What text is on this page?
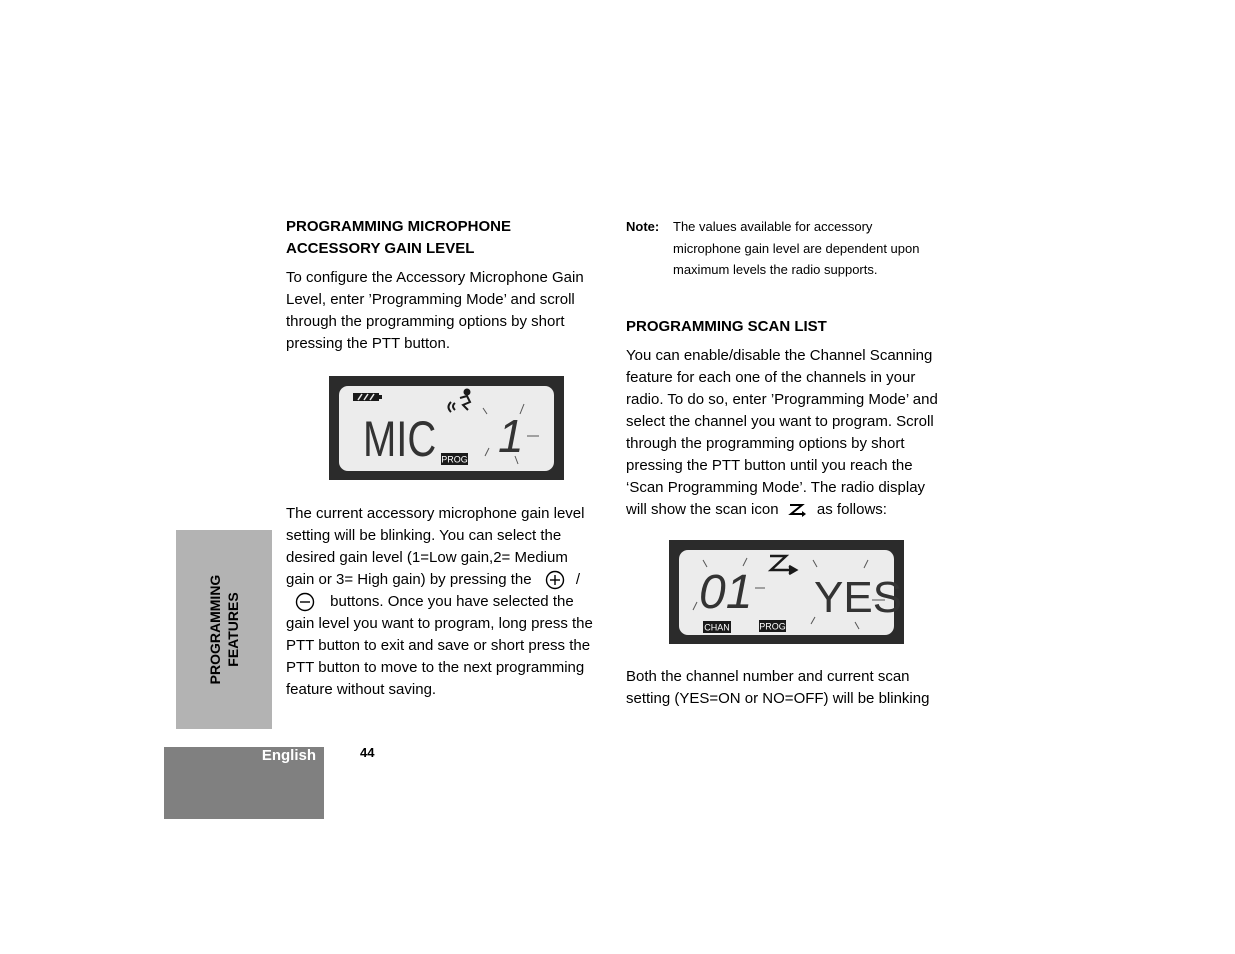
PROGRAMMING FEATURES
English	44
PROGRAMMING MICROPHONE
ACCESSORY GAIN LEVEL
To configure the Accessory Microphone Gain
Level, enter ’Programming Mode’ and scroll
through the programming options by short
pressing the PTT button.
MIC 1
PROG
The current accessory microphone gain level
setting will be blinking. You can select the
desired gain level (1=Low gain,2= Medium
gain or 3= High gain) by pressing the	/
buttons. Once you have selected the
gain level you want to program, long press the
PTT button to exit and save or short press the
PTT button to move to the next programming
feature without saving.
Note: The values available for accessory
microphone gain level are dependent upon
maximum levels the radio supports.
PROGRAMMING SCAN LIST
You can enable/disable the Channel Scanning
feature for each one of the channels in your
radio. To do so, enter ’Programming Mode’ and
select the channel you want to program. Scroll
through the programming options by short
pressing the PTT button until you reach the
‘Scan Programming Mode’. The radio display
will show the scan icon	as follows:
01 YES
CHAN	PROG
Both the channel number and current scan
setting (YES=ON or NO=OFF) will be blinking
